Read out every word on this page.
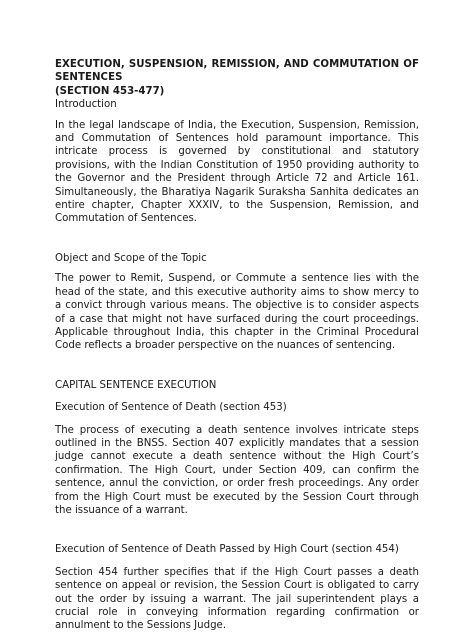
EXECUTION, SUSPENSION, REMISSION, AND COMMUTATION OF SENTENCES
(SECTION 453-477)
Introduction

In the legal landscape of India, the Execution, Suspension, Remission, and Commutation of Sentences hold paramount importance. This intricate process is governed by constitutional and statutory provisions, with the Indian Constitution of 1950 providing authority to the Governor and the President through Article 72 and Article 161. Simultaneously, the Bharatiya Nagarik Suraksha Sanhita dedicates an entire chapter, Chapter XXXIV, to the Suspension, Remission, and Commutation of Sentences.

Object and Scope of the Topic

The power to Remit, Suspend, or Commute a sentence lies with the head of the state, and this executive authority aims to show mercy to a convict through various means. The objective is to consider aspects of a case that might not have surfaced during the court proceedings. Applicable throughout India, this chapter in the Criminal Procedural Code reflects a broader perspective on the nuances of sentencing.

CAPITAL SENTENCE EXECUTION
Execution of Sentence of Death (section 453)

The process of executing a death sentence involves intricate steps outlined in the BNSS. Section 407 explicitly mandates that a session judge cannot execute a death sentence without the High Court’s confirmation. The High Court, under Section 409, can confirm the sentence, annul the conviction, or order fresh proceedings. Any order from the High Court must be executed by the Session Court through the issuance of a warrant.

Execution of Sentence of Death Passed by High Court (section 454)

Section 454 further specifies that if the High Court passes a death sentence on appeal or revision, the Session Court is obligated to carry out the order by issuing a warrant. The jail superintendent plays a crucial role in conveying information regarding confirmation or annulment to the Sessions Judge.
